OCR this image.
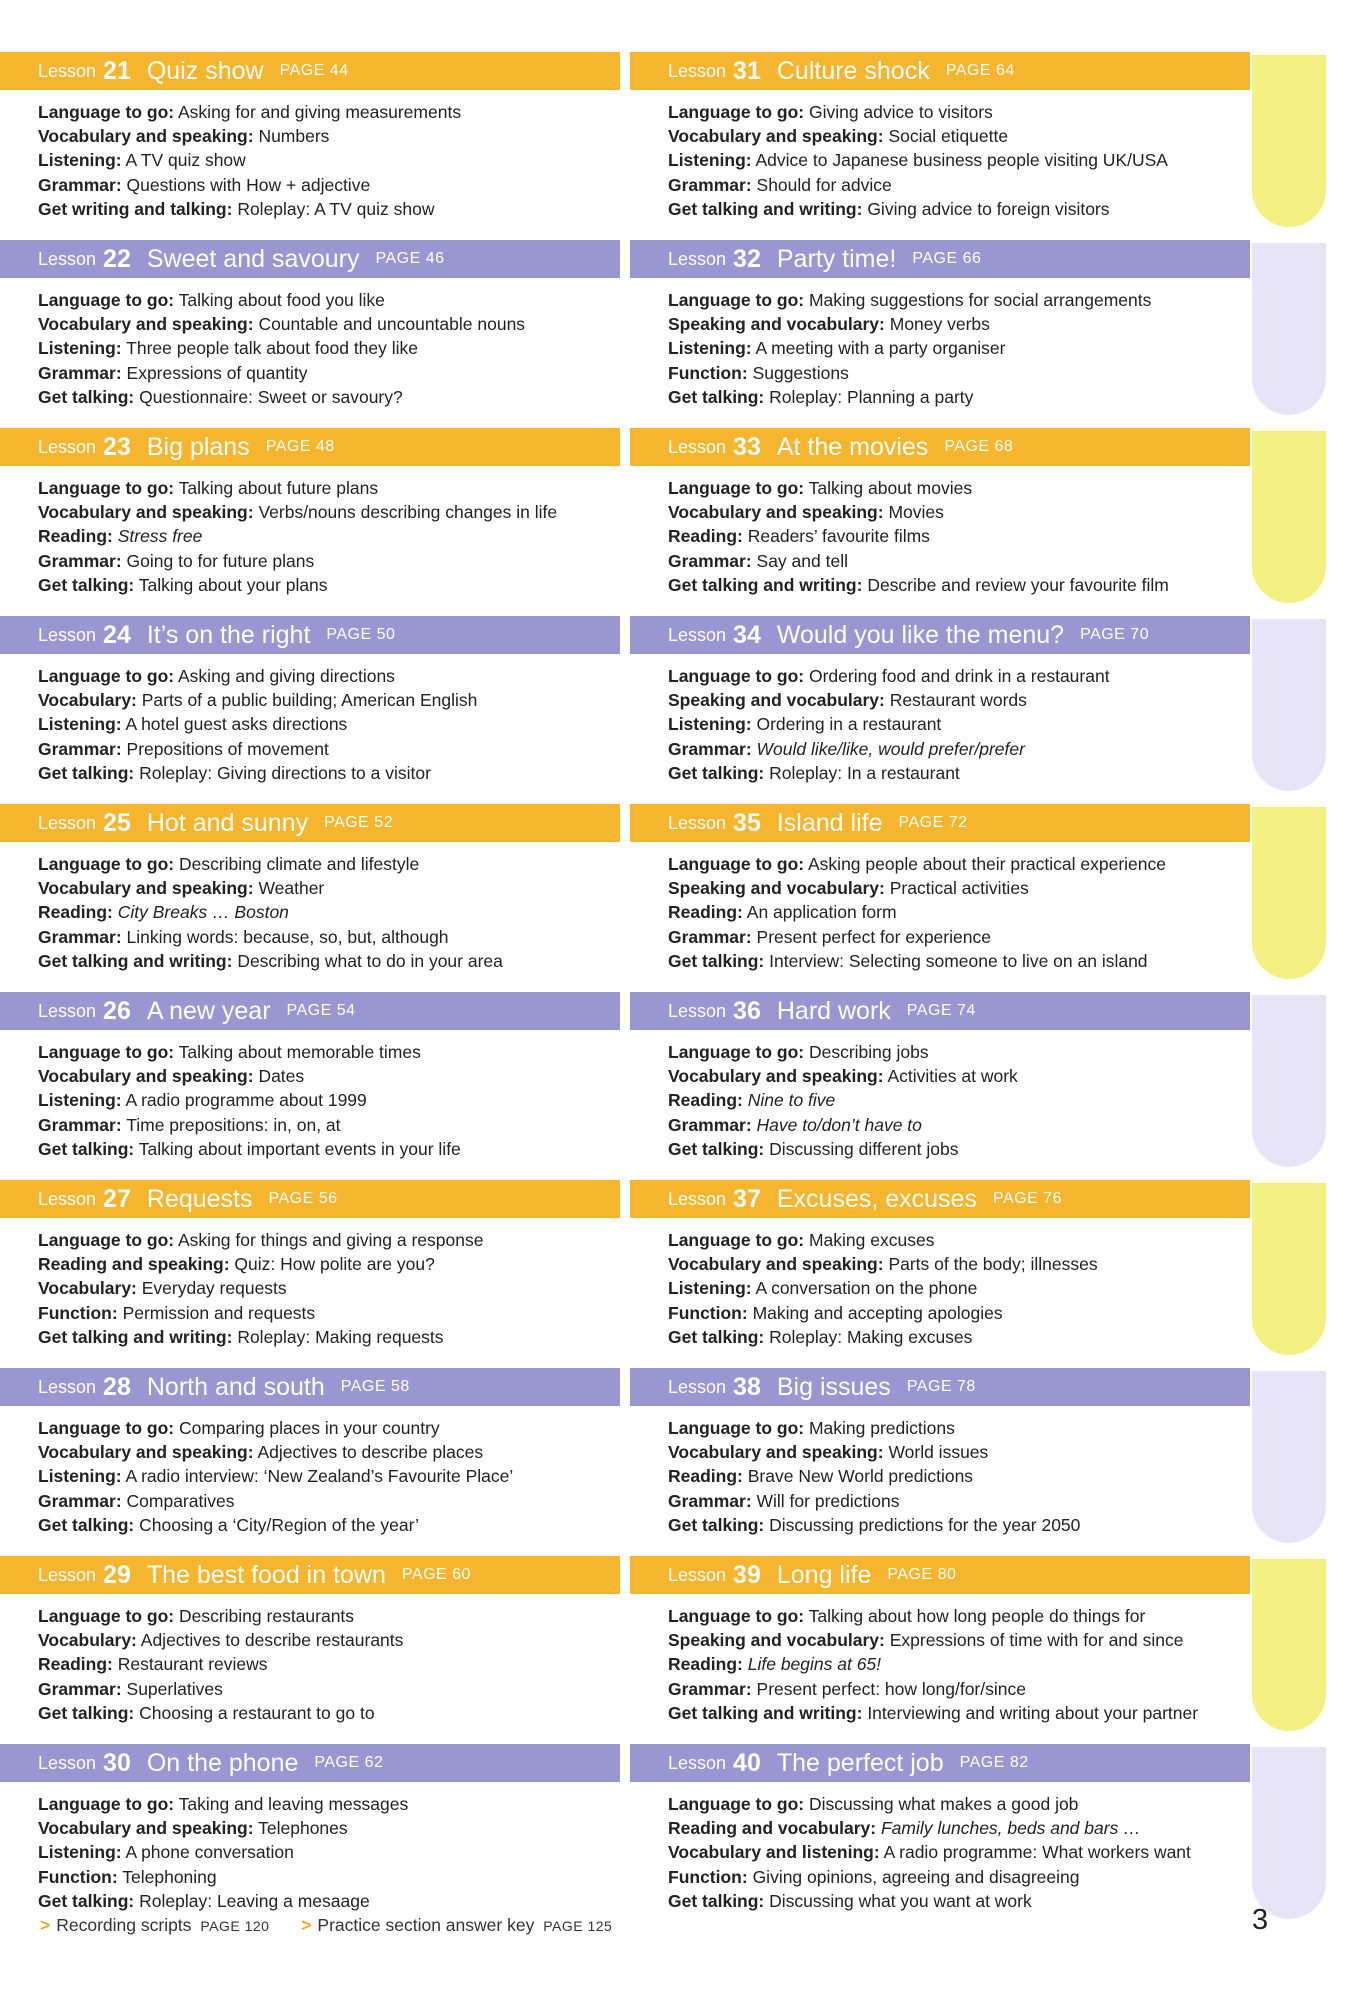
Lesson 21 Quiz show PAGE 44
Language to go: Asking for and giving measurements
Vocabulary and speaking: Numbers
Listening: A TV quiz show
Grammar: Questions with How + adjective
Get writing and talking: Roleplay: A TV quiz show
Lesson 22 Sweet and savoury PAGE 46
Language to go: Talking about food you like
Vocabulary and speaking: Countable and uncountable nouns
Listening: Three people talk about food they like
Grammar: Expressions of quantity
Get talking: Questionnaire: Sweet or savoury?
Lesson 23 Big plans PAGE 48
Language to go: Talking about future plans
Vocabulary and speaking: Verbs/nouns describing changes in life
Reading: Stress free
Grammar: Going to for future plans
Get talking: Talking about your plans
Lesson 24 It’s on the right PAGE 50
Language to go: Asking and giving directions
Vocabulary: Parts of a public building; American English
Listening: A hotel guest asks directions
Grammar: Prepositions of movement
Get talking: Roleplay: Giving directions to a visitor
Lesson 25 Hot and sunny PAGE 52
Language to go: Describing climate and lifestyle
Vocabulary and speaking: Weather
Reading: City Breaks … Boston
Grammar: Linking words: because, so, but, although
Get talking and writing: Describing what to do in your area
Lesson 26 A new year PAGE 54
Language to go: Talking about memorable times
Vocabulary and speaking: Dates
Listening: A radio programme about 1999
Grammar: Time prepositions: in, on, at
Get talking: Talking about important events in your life
Lesson 27 Requests PAGE 56
Language to go: Asking for things and giving a response
Reading and speaking: Quiz: How polite are you?
Vocabulary: Everyday requests
Function: Permission and requests
Get talking and writing: Roleplay: Making requests
Lesson 28 North and south PAGE 58
Language to go: Comparing places in your country
Vocabulary and speaking: Adjectives to describe places
Listening: A radio interview: ‘New Zealand’s Favourite Place’
Grammar: Comparatives
Get talking: Choosing a ‘City/Region of the year’
Lesson 29 The best food in town PAGE 60
Language to go: Describing restaurants
Vocabulary: Adjectives to describe restaurants
Reading: Restaurant reviews
Grammar: Superlatives
Get talking: Choosing a restaurant to go to
Lesson 30 On the phone PAGE 62
Language to go: Taking and leaving messages
Vocabulary and speaking: Telephones
Listening: A phone conversation
Function: Telephoning
Get talking: Roleplay: Leaving a mesaage
Lesson 31 Culture shock PAGE 64
Language to go: Giving advice to visitors
Vocabulary and speaking: Social etiquette
Listening: Advice to Japanese business people visiting UK/USA
Grammar: Should for advice
Get talking and writing: Giving advice to foreign visitors
Lesson 32 Party time! PAGE 66
Language to go: Making suggestions for social arrangements
Speaking and vocabulary: Money verbs
Listening: A meeting with a party organiser
Function: Suggestions
Get talking: Roleplay: Planning a party
Lesson 33 At the movies PAGE 68
Language to go: Talking about movies
Vocabulary and speaking: Movies
Reading: Readers’ favourite films
Grammar: Say and tell
Get talking and writing: Describe and review your favourite film
Lesson 34 Would you like the menu? PAGE 70
Language to go: Ordering food and drink in a restaurant
Speaking and vocabulary: Restaurant words
Listening: Ordering in a restaurant
Grammar: Would like/like, would prefer/prefer
Get talking: Roleplay: In a restaurant
Lesson 35 Island life PAGE 72
Language to go: Asking people about their practical experience
Speaking and vocabulary: Practical activities
Reading: An application form
Grammar: Present perfect for experience
Get talking: Interview: Selecting someone to live on an island
Lesson 36 Hard work PAGE 74
Language to go: Describing jobs
Vocabulary and speaking: Activities at work
Reading: Nine to five
Grammar: Have to/don’t have to
Get talking: Discussing different jobs
Lesson 37 Excuses, excuses PAGE 76
Language to go: Making excuses
Vocabulary and speaking: Parts of the body; illnesses
Listening: A conversation on the phone
Function: Making and accepting apologies
Get talking: Roleplay: Making excuses
Lesson 38 Big issues PAGE 78
Language to go: Making predictions
Vocabulary and speaking: World issues
Reading: Brave New World predictions
Grammar: Will for predictions
Get talking: Discussing predictions for the year 2050
Lesson 39 Long life PAGE 80
Language to go: Talking about how long people do things for
Speaking and vocabulary: Expressions of time with for and since
Reading: Life begins at 65!
Grammar: Present perfect: how long/for/since
Get talking and writing: Interviewing and writing about your partner
Lesson 40 The perfect job PAGE 82
Language to go: Discussing what makes a good job
Reading and vocabulary: Family lunches, beds and bars …
Vocabulary and listening: A radio programme: What workers want
Function: Giving opinions, agreeing and disagreeing
Get talking: Discussing what you want at work
> Recording scripts PAGE 120 > Practice section answer key PAGE 125	3
